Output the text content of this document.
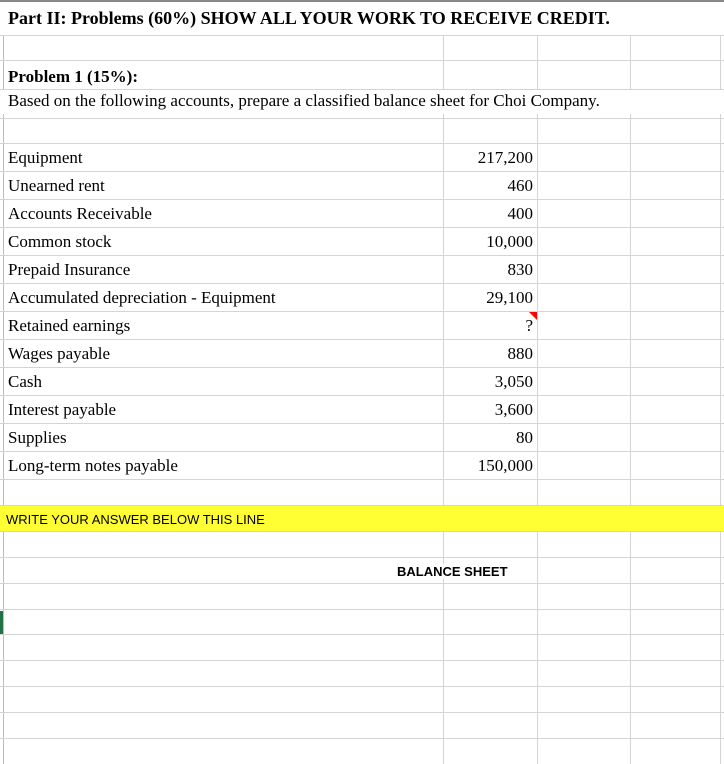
Part II: Problems (60%) SHOW ALL YOUR WORK TO RECEIVE CREDIT.
Problem 1 (15%):
Based on the following accounts, prepare a classified balance sheet for Choi Company.
Equipment	217,200
Unearned rent	460
Accounts Receivable	400
Common stock	10,000
Prepaid Insurance	830
Accumulated depreciation - Equipment	29,100
Retained earnings	?
Wages payable	880
Cash	3,050
Interest payable	3,600
Supplies	80
Long-term notes payable	150,000
WRITE YOUR ANSWER BELOW THIS LINE
BALANCE SHEET
